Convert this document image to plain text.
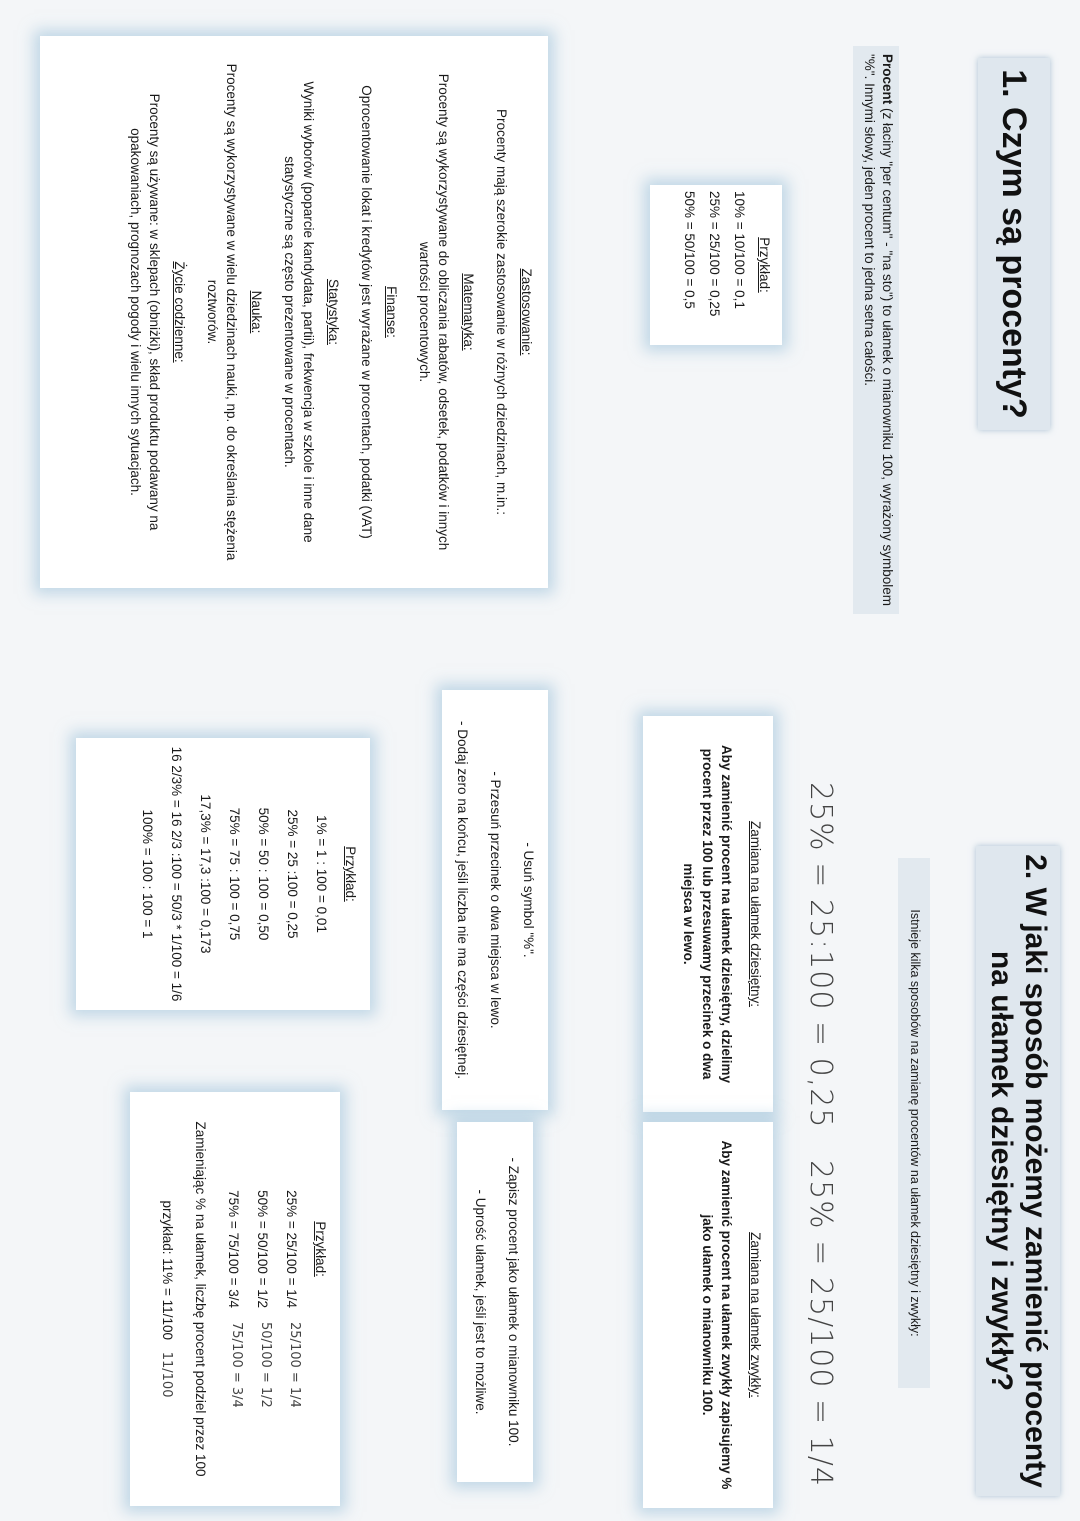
1. Czym są procenty?
Procent (z łaciny "per centum" - "na sto") to ułamek o mianowniku 100, wyrażony symbolem "%". Innymi słowy, jeden procent to jedna setna całości.

Przykład:

10% = 10/100 = 0,1

25% = 25/100 = 0,25

50% = 50/100 = 0,5

Zastosowanie:

Procenty mają szerokie zastosowanie w różnych dziedzinach, m.in.:

Matematyka:

Procenty są wykorzystywane do obliczania rabatów, odsetek, podatków i innych wartości procentowych.

Finanse:

Oprocentowanie lokat i kredytów jest wyrażane w procentach, podatki (VAT)

Statystyka:

Wyniki wyborów (poparcie kandydata, partii), frekwencja w szkole i inne dane statystyczne są często prezentowane w procentach.

Nauka:

Procenty są wykorzystywane w wielu dziedzinach nauki, np. do określania stężenia roztworów.

Życie codzienne:

Procenty są używane: w sklepach (obniżki), skład produktu podawany na opakowaniach, prognozach pogody i wielu innych sytuacjach.

2. W jaki sposób możemy zamienić procenty na ułamek dziesiętny i zwykły?
Istnieje kilka sposobów na zamianę procentów na ułamek dziesiętny i zwykły:
25% = 25:100 = 0,25
25% = 25/100 = 1/4

Zamiana na ułamek dziesiętny:

Aby zamienić procent na ułamek dziesiętny, dzielimy procent przez 100 lub przesuwamy przecinek o dwa miejsca w lewo.

Zamiana na ułamek zwykły:

Aby zamienić procent na ułamek zwykły zapisujemy % jako ułamek o mianowniku 100.

- Usuń symbol "%".

- Przesuń przecinek o dwa miejsca w lewo.

- Dodaj zero na końcu, jeśli liczba nie ma części dziesiętnej.

- Zapisz procent jako ułamek o mianowniku 100.

- Uprość ułamek, jeśli jest to możliwe.

Przykład:

1% = 1 : 100 = 0,01

25% = 25 :100 = 0,25

50% = 50 : 100 = 0,50

75% = 75 : 100 = 0,75

17,3% = 17,3 :100 = 0,173

16 2/3% = 16 2/3 :100 = 50/3 * 1/100 = 1/6

100% = 100 : 100 = 1

Przykład:

25% = 25/100 = 1/4

50% = 50/100 = 1/2

75% = 75/100 = 3/4

25/100 = 1/4

50/100 = 1/2

75/100 = 3/4

Zamieniając % na ułamek, liczbę procent podziel przez 100

przykład: 11% = 11/100 11/100
